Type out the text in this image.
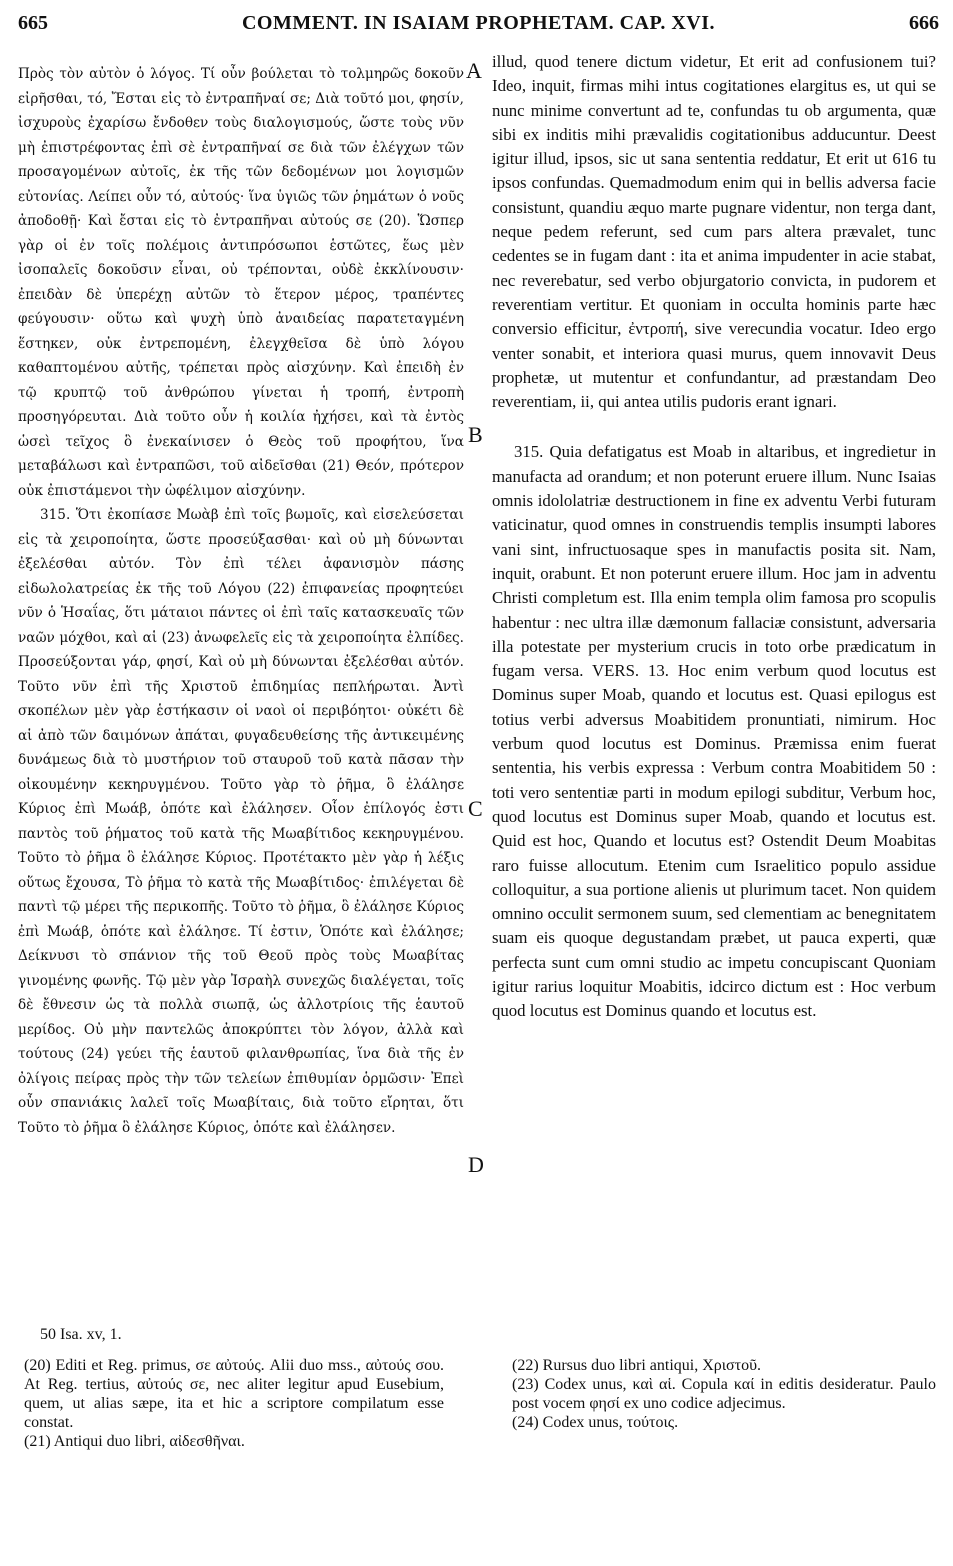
665	COMMENT. IN ISAIAM PROPHETAM. CAP. XVI.	666

Πρὸς τὸν αὐτὸν ὁ λόγος. Τί οὖν βούλεται τὸ τολμηρῶς δοκοῦν εἰρῆσθαι, τό, Ἔσται εἰς τὸ ἐντραπῆναί σε; Διὰ τοῦτό μοι, φησίν, ἰσχυροὺς ἐχαρίσω ἔνδοθεν τοὺς διαλογισμούς, ὥστε τοὺς νῦν μὴ ἐπιστρέφοντας ἐπὶ σὲ ἐντραπῆναί σε διὰ τῶν ἐλέγχων τῶν προσαγομένων αὐτοῖς, ἐκ τῆς τῶν δεδομένων μοι λογισμῶν εὐτονίας. Λείπει οὖν τό, αὐτούς· ἵνα ὑγιῶς τῶν ῥημάτων ὁ νοῦς ἀποδοθῇ· Καὶ ἔσται εἰς τὸ ἐντραπῆναι αὐτούς σε (20). Ὥσπερ γὰρ οἱ ἐν τοῖς πολέμοις ἀντιπρόσωποι ἑστῶτες, ἕως μὲν ἰσοπαλεῖς δοκοῦσιν εἶναι, οὐ τρέπονται, οὐδὲ ἐκκλίνουσιν· ἐπειδὰν δὲ ὑπερέχῃ αὐτῶν τὸ ἕτερον μέρος, τραπέντες φεύγουσιν· οὕτω καὶ ψυχὴ ὑπὸ ἀναιδείας παρατεταγμένη ἕστηκεν, οὐκ ἐντρεπομένη, ἐλεγχθεῖσα δὲ ὑπὸ λόγου καθαπτομένου αὐτῆς, τρέπεται πρὸς αἰσχύνην. Καὶ ἐπειδὴ ἐν τῷ κρυπτῷ τοῦ ἀνθρώπου γίνεται ἡ τροπή, ἐντροπὴ προσηγόρευται. Διὰ τοῦτο οὖν ἡ κοιλία ἠχήσει, καὶ τὰ ἐντὸς ὡσεὶ τεῖχος ὃ ἐνεκαίνισεν ὁ Θεὸς τοῦ προφήτου, ἵνα μεταβάλωσι καὶ ἐντραπῶσι, τοῦ αἰδεῖσθαι (21) Θεόν, πρότερον οὐκ ἐπιστάμενοι τὴν ὠφέλιμον αἰσχύνην.

315. Ὅτι ἐκοπίασε Μωὰβ ἐπὶ τοῖς βωμοῖς, καὶ εἰσελεύσεται εἰς τὰ χειροποίητα, ὥστε προσεύξασθαι· καὶ οὐ μὴ δύνωνται ἐξελέσθαι αὐτόν. Τὸν ἐπὶ τέλει ἀφανισμὸν πάσης εἰδωλολατρείας ἐκ τῆς τοῦ Λόγου (22) ἐπιφανείας προφητεύει νῦν ὁ Ἡσαΐας, ὅτι μάταιοι πάντες οἱ ἐπὶ ταῖς κατασκευαῖς τῶν ναῶν μόχθοι, καὶ αἱ (23) ἀνωφελεῖς εἰς τὰ χειροποίητα ἐλπίδες. Προσεύξονται γάρ, φησί, Καὶ οὐ μὴ δύνωνται ἐξελέσθαι αὐτόν. Τοῦτο νῦν ἐπὶ τῆς Χριστοῦ ἐπιδημίας πεπλήρωται. Ἀντὶ σκοπέλων μὲν γὰρ ἑστήκασιν οἱ ναοὶ οἱ περιβόητοι· οὐκέτι δὲ αἱ ἀπὸ τῶν δαιμόνων ἀπάται, φυγαδευθείσης τῆς ἀντικειμένης δυνάμεως διὰ τὸ μυστήριον τοῦ σταυροῦ τοῦ κατὰ πᾶσαν τὴν οἰκουμένην κεκηρυγμένου. Τοῦτο γὰρ τὸ ῥῆμα, ὃ ἐλάλησε Κύριος ἐπὶ Μωάβ, ὁπότε καὶ ἐλάλησεν. Οἷον ἐπίλογός ἐστι παντὸς τοῦ ῥήματος τοῦ κατὰ τῆς Μωαβίτιδος κεκηρυγμένου. Τοῦτο τὸ ῥῆμα ὃ ἐλάλησε Κύριος. Προτέτακτο μὲν γὰρ ἡ λέξις οὕτως ἔχουσα, Τὸ ῥῆμα τὸ κατὰ τῆς Μωαβίτιδος· ἐπιλέγεται δὲ παντὶ τῷ μέρει τῆς περικοπῆς. Τοῦτο τὸ ῥῆμα, ὃ ἐλάλησε Κύριος ἐπὶ Μωάβ, ὁπότε καὶ ἐλάλησε. Τί ἐστιν, Ὁπότε καὶ ἐλάλησε; Δείκνυσι τὸ σπάνιον τῆς τοῦ Θεοῦ πρὸς τοὺς Μωαβίτας γινομένης φωνῆς. Τῷ μὲν γὰρ Ἰσραὴλ συνεχῶς διαλέγεται, τοῖς δὲ ἔθνεσιν ὡς τὰ πολλὰ σιωπᾷ, ὡς ἀλλοτρίοις τῆς ἑαυτοῦ μερίδος. Οὐ μὴν παντελῶς ἀποκρύπτει τὸν λόγον, ἀλλὰ καὶ τούτους (24) γεύει τῆς ἑαυτοῦ φιλανθρωπίας, ἵνα διὰ τῆς ἐν ὀλίγοις πείρας πρὸς τὴν τῶν τελείων ἐπιθυμίαν ὁρμῶσιν· Ἐπεὶ οὖν σπανιάκις λαλεῖ τοῖς Μωαβίταις, διὰ τοῦτο εἴρηται, ὅτι Τοῦτο τὸ ῥῆμα ὃ ἐλάλησε Κύριος, ὁπότε καὶ ἐλάλησεν.

A
B
C
D

illud, quod tenere dictum videtur, Et erit ad confusionem tui? Ideo, inquit, firmas mihi intus cogitationes elargitus es, ut qui se nunc minime convertunt ad te, confundas tu ob argumenta, quæ sibi ex inditis mihi prævalidis cogitationibus adducuntur. Deest igitur illud, ipsos, sic ut sana sententia reddatur, Et erit ut 616 tu ipsos confundas. Quemadmodum enim qui in bellis adversa facie consistunt, quandiu æquo marte pugnare videntur, non terga dant, neque pedem referunt, sed cum pars altera prævalet, tunc cedentes se in fugam dant : ita et anima impudenter in acie stabat, nec reverebatur, sed verbo objurgatorio convicta, in pudorem et reverentiam vertitur. Et quoniam in occulta hominis parte hæc conversio efficitur, ἐντροπή, sive verecundia vocatur. Ideo ergo venter sonabit, et interiora quasi murus, quem innovavit Deus prophetæ, ut mutentur et confundantur, ad præstandam Deo reverentiam, ii, qui antea utilis pudoris erant ignari.

315. Quia defatigatus est Moab in altaribus, et ingredietur in manufacta ad orandum; et non poterunt eruere illum. Nunc Isaias omnis idololatriæ destructionem in fine ex adventu Verbi futuram vaticinatur, quod omnes in construendis templis insumpti labores vani sint, infructuosaque spes in manufactis posita sit. Nam, inquit, orabunt. Et non poterunt eruere illum. Hoc jam in adventu Christi completum est. Illa enim templa olim famosa pro scopulis habentur : nec ultra illæ dæmonum fallaciæ consistunt, adversaria illa potestate per mysterium crucis in toto orbe prædicatum in fugam versa. VERS. 13. Hoc enim verbum quod locutus est Dominus super Moab, quando et locutus est. Quasi epilogus est totius verbi adversus Moabitidem pronuntiati, nimirum. Hoc verbum quod locutus est Dominus. Præmissa enim fuerat sententia, his verbis expressa : Verbum contra Moabitidem 50 : toti vero sententiæ parti in modum epilogi subditur, Verbum hoc, quod locutus est Dominus super Moab, quando et locutus est. Quid est hoc, Quando et locutus est? Ostendit Deum Moabitas raro fuisse allocutum. Etenim cum Israelitico populo assidue colloquitur, a sua portione alienis ut plurimum tacet. Non quidem omnino occulit sermonem suum, sed clementiam ac benegnitatem suam eis quoque degustandam præbet, ut pauca experti, quæ perfecta sunt cum omni studio ac impetu concupiscant Quoniam igitur rarius loquitur Moabitis, idcirco dictum est : Hoc verbum quod locutus est Dominus quando et locutus est.

50 Isa. xv, 1.

(20) Editi et Reg. primus, σε αὐτούς. Alii duo mss., αὐτούς σου. At Reg. tertius, αὐτούς σε, nec aliter legitur apud Eusebium, quem, ut alias sæpe, ita et hic a scriptore compilatum esse constat.

(21) Antiqui duo libri, αἰδεσθῆναι.

(22) Rursus duo libri antiqui, Χριστοῦ.

(23) Codex unus, καὶ αἱ. Copula καί in editis desideratur. Paulo post vocem φησί ex uno codice adjecimus.

(24) Codex unus, τούτοις.
